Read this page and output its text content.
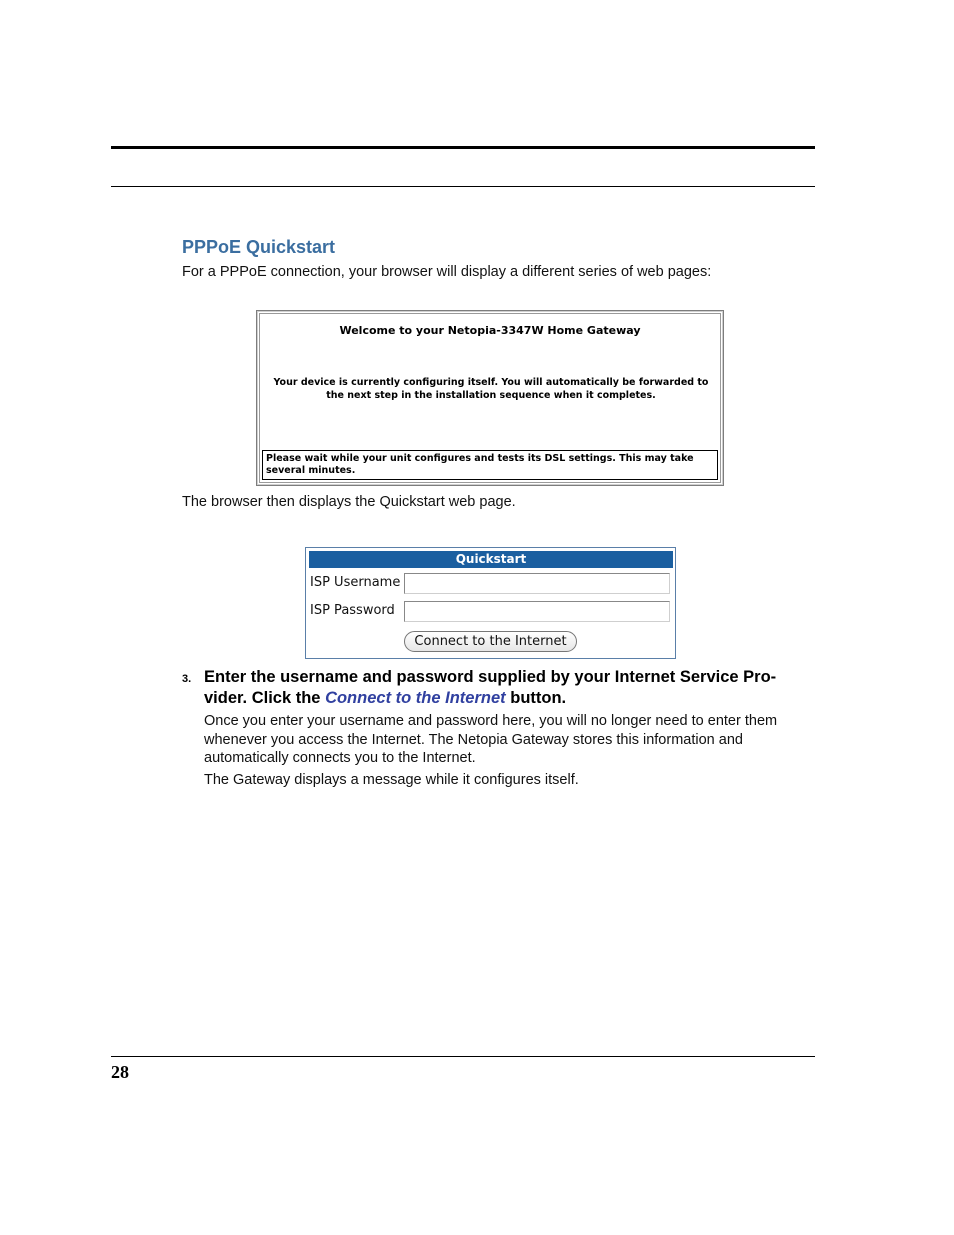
PPPoE Quickstart
For a PPPoE connection, your browser will display a different series of web pages:
Welcome to your Netopia-3347W Home Gateway
Your device is currently configuring itself. You will automatically be forwarded to the next step in the installation sequence when it completes.
Please wait while your unit configures and tests its DSL settings. This may take several minutes.
The browser then displays the Quickstart web page.
Quickstart
ISP Username
ISP Password
Connect to the Internet
3. Enter the username and password supplied by your Internet Service Pro- vider. Click the Connect to the Internet button.
Once you enter your username and password here, you will no longer need to enter them whenever you access the Internet. The Netopia Gateway stores this information and automatically connects you to the Internet.
The Gateway displays a message while it configures itself.
28
